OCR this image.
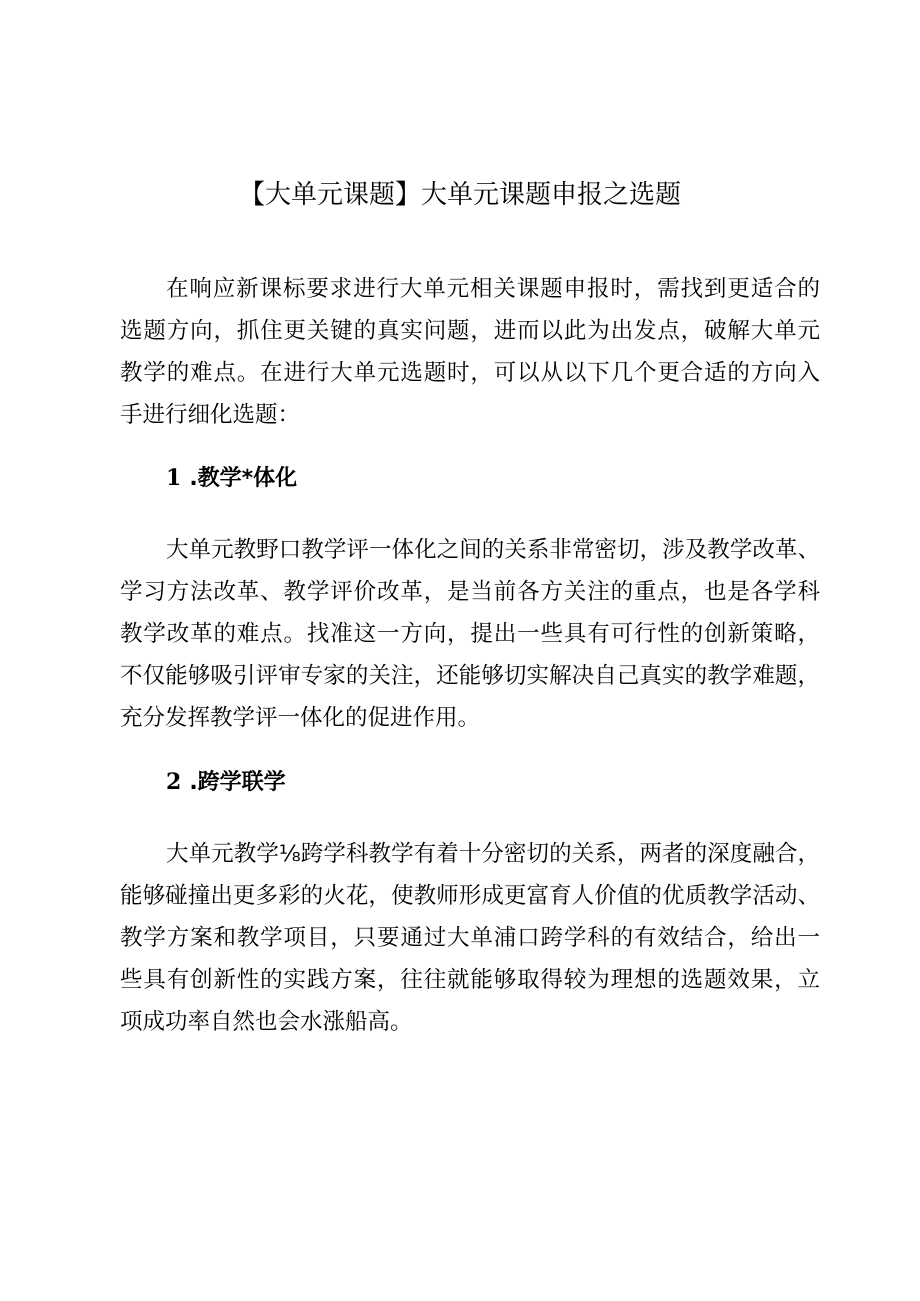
【大单元课题】大单元课题申报之选题
在响应新课标要求进行大单元相关课题申报时，需找到更适合的
选题方向，抓住更关键的真实问题，进而以此为出发点，破解大单元
教学的难点。在进行大单元选题时，可以从以下几个更合适的方向入
手进行细化选题：
1 .教学*体化
大单元教野口教学评一体化之间的关系非常密切，涉及教学改革、
学习方法改革、教学评价改革，是当前各方关注的重点，也是各学科
教学改革的难点。找准这一方向，提出一些具有可行性的创新策略，
不仅能够吸引评审专家的关注，还能够切实解决自己真实的教学难题，
充分发挥教学评一体化的促进作用。
2 .跨学联学
大单元教学⅛跨学科教学有着十分密切的关系，两者的深度融合，
能够碰撞出更多彩的火花，使教师形成更富育人价值的优质教学活动、
教学方案和教学项目，只要通过大单浦口跨学科的有效结合，给出一
些具有创新性的实践方案，往往就能够取得较为理想的选题效果，立
项成功率自然也会水涨船高。
